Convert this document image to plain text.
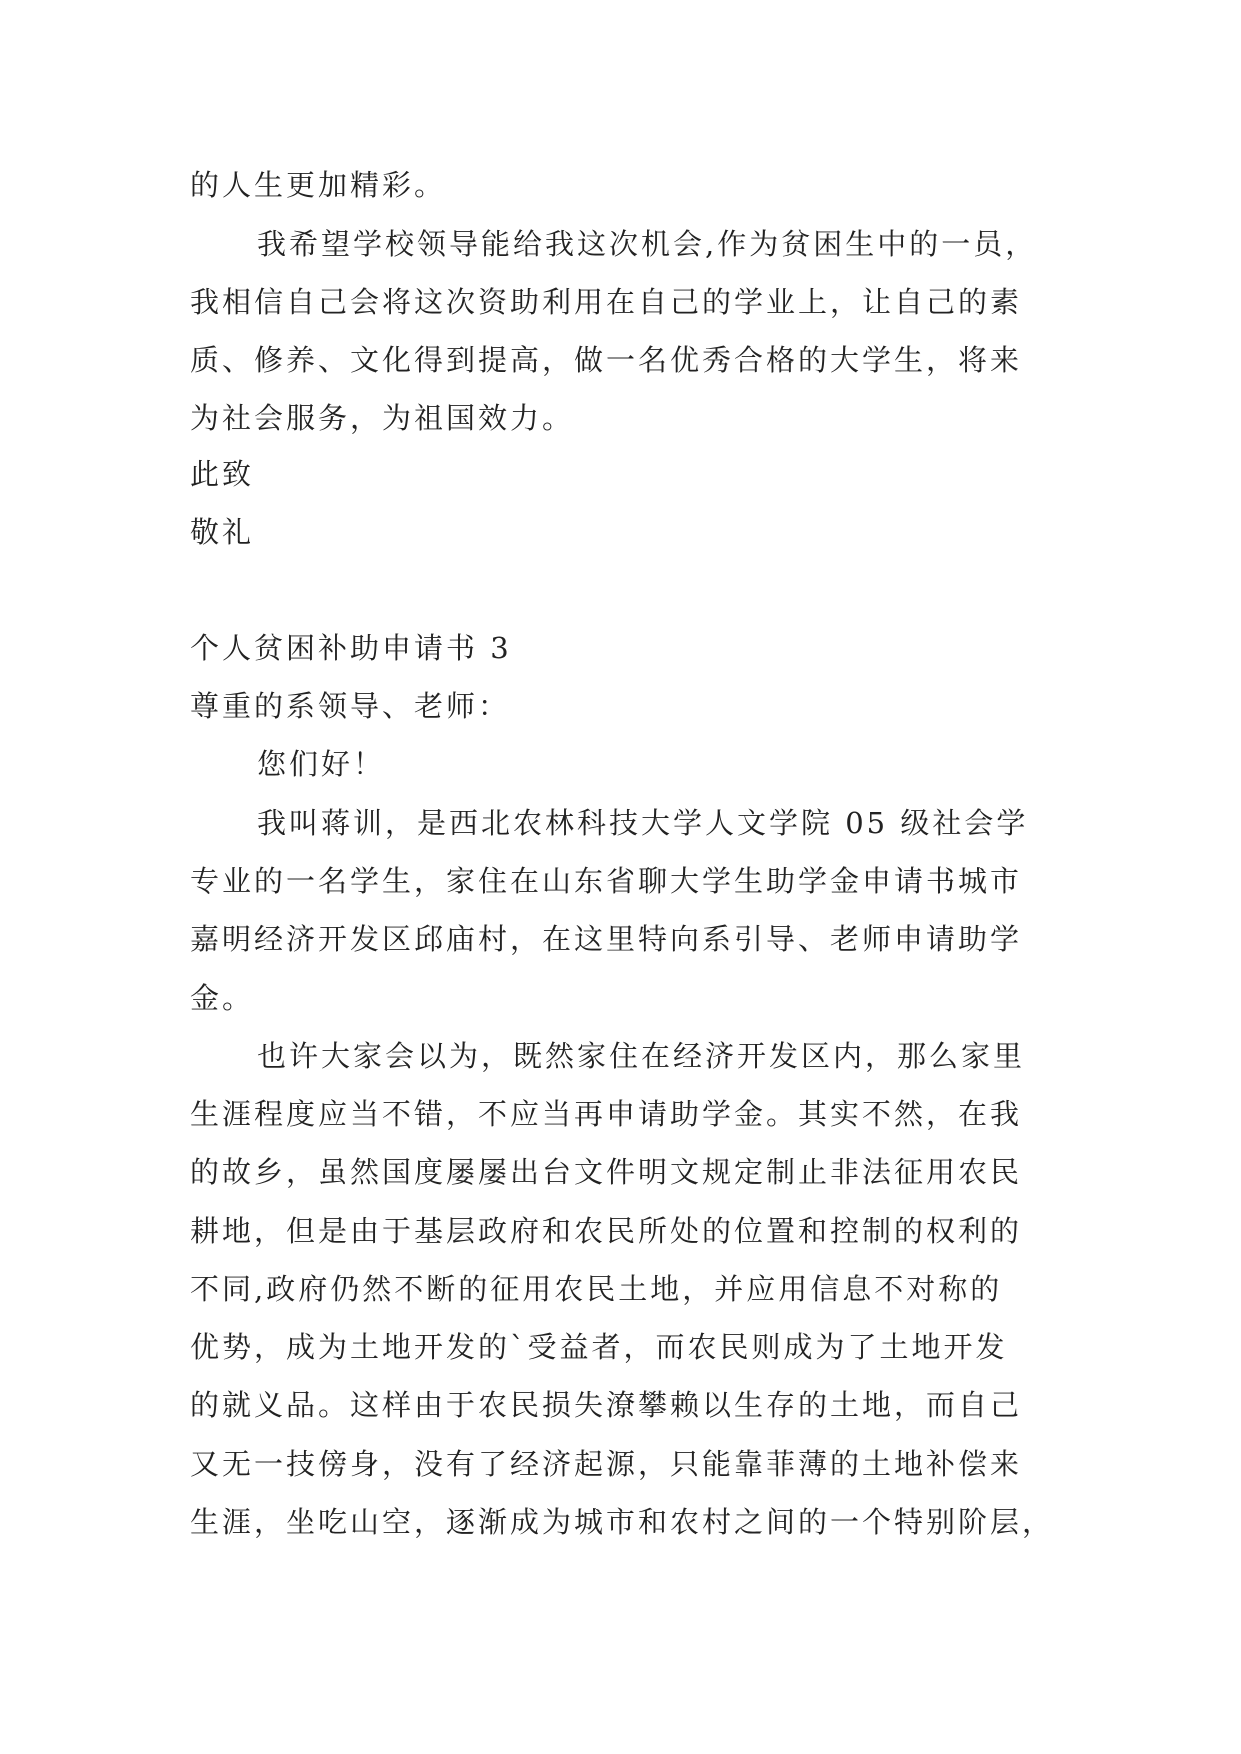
的人生更加精彩。
我希望学校领导能给我这次机会,作为贫困生中的一员，
我相信自己会将这次资助利用在自己的学业上，让自己的素
质、修养、文化得到提高，做一名优秀合格的大学生，将来
为社会服务，为祖国效力。
此致
敬礼
个人贫困补助申请书 3
尊重的系领导、老师：
您们好！
我叫蒋训，是西北农林科技大学人文学院 05 级社会学
专业的一名学生，家住在山东省聊大学生助学金申请书城市
嘉明经济开发区邱庙村，在这里特向系引导、老师申请助学
金。
也许大家会以为，既然家住在经济开发区内，那么家里
生涯程度应当不错，不应当再申请助学金。其实不然，在我
的故乡，虽然国度屡屡出台文件明文规定制止非法征用农民
耕地，但是由于基层政府和农民所处的位置和控制的权利的
不同,政府仍然不断的征用农民土地，并应用信息不对称的
优势，成为土地开发的`受益者，而农民则成为了土地开发
的就义品。这样由于农民损失潦攀赖以生存的土地，而自己
又无一技傍身，没有了经济起源，只能靠菲薄的土地补偿来
生涯，坐吃山空，逐渐成为城市和农村之间的一个特别阶层，
